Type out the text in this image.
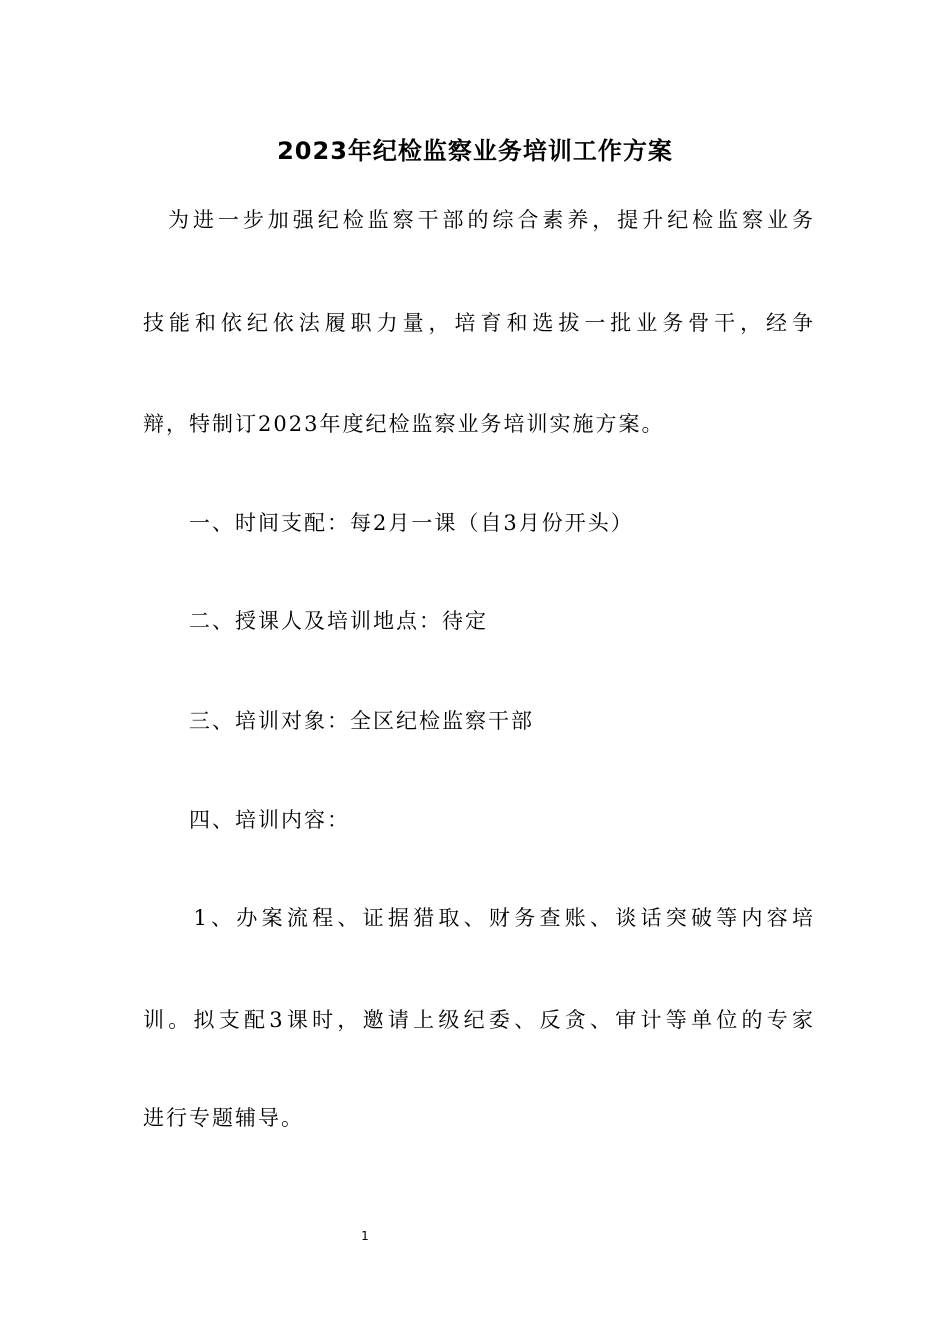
2023年纪检监察业务培训工作方案
　为进一步加强纪检监察干部的综合素养，提升纪检监察业务
技能和依纪依法履职力量，培育和选拔一批业务骨干，经争
辩，特制订2023年度纪检监察业务培训实施方案。
　　一、时间支配：每2月一课（自3月份开头）
　　二、授课人及培训地点：待定
　　三、培训对象：全区纪检监察干部
　　四、培训内容：
　　1、办案流程、证据猎取、财务查账、谈话突破等内容培
训。拟支配3课时，邀请上级纪委、反贪、审计等单位的专家
进行专题辅导。
1
